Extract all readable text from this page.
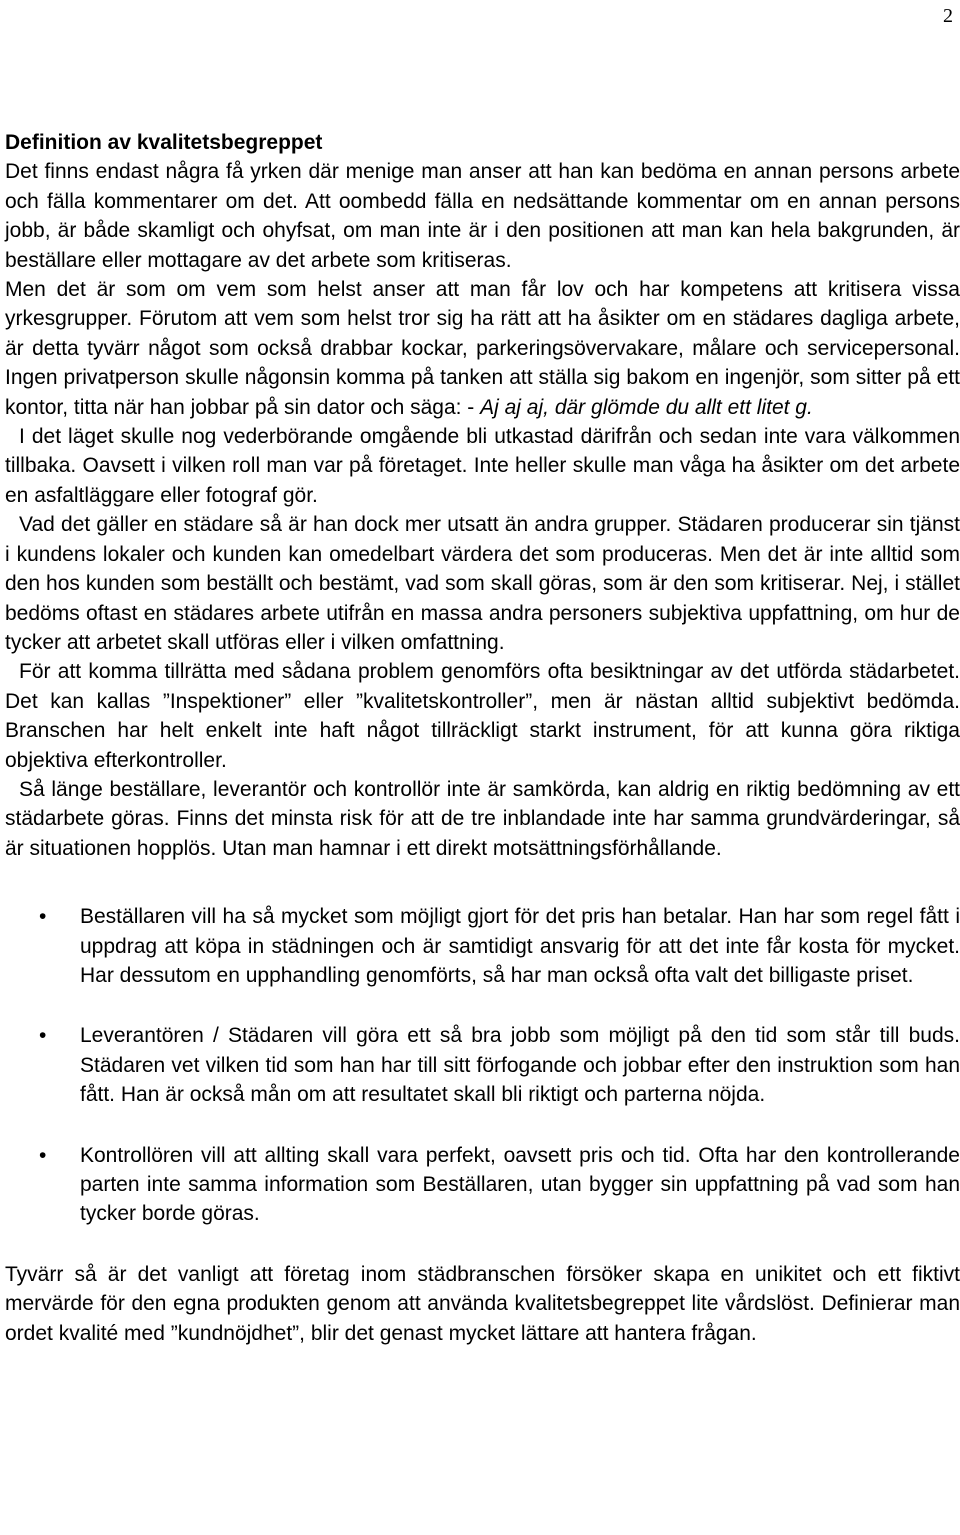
2

Definition av kvalitetsbegreppet

Det finns endast några få yrken där menige man anser att han kan bedöma en annan persons arbete och fälla kommentarer om det. Att oombedd fälla en nedsättande kommentar om en annan persons jobb, är både skamligt och ohyfsat, om man inte är i den positionen att man kan hela bakgrunden, är beställare eller mottagare av det arbete som kritiseras.

Men det är som om vem som helst anser att man får lov och har kompetens att kritisera vissa yrkesgrupper. Förutom att vem som helst tror sig ha rätt att ha åsikter om en städares dagliga arbete, är detta tyvärr något som också drabbar kockar, parkeringsövervakare, målare och servicepersonal. Ingen privatperson skulle någonsin komma på tanken att ställa sig bakom en ingenjör, som sitter på ett kontor, titta när han jobbar på sin dator och säga: - Aj aj aj, där glömde du allt ett litet g.

I det läget skulle nog vederbörande omgående bli utkastad därifrån och sedan inte vara välkommen tillbaka. Oavsett i vilken roll man var på företaget. Inte heller skulle man våga ha åsikter om det arbete en asfaltläggare eller fotograf gör.

Vad det gäller en städare så är han dock mer utsatt än andra grupper. Städaren producerar sin tjänst i kundens lokaler och kunden kan omedelbart värdera det som produceras. Men det är inte alltid som den hos kunden som beställt och bestämt, vad som skall göras, som är den som kritiserar. Nej, i stället bedöms oftast en städares arbete utifrån en massa andra personers subjektiva uppfattning, om hur de tycker att arbetet skall utföras eller i vilken omfattning.

För att komma tillrätta med sådana problem genomförs ofta besiktningar av det utförda städarbetet. Det kan kallas ”Inspektioner” eller ”kvalitetskontroller”, men är nästan alltid subjektivt bedömda. Branschen har helt enkelt inte haft något tillräckligt starkt instrument, för att kunna göra riktiga objektiva efterkontroller.

Så länge beställare, leverantör och kontrollör inte är samkörda, kan aldrig en riktig bedömning av ett städarbete göras. Finns det minsta risk för att de tre inblandade inte har samma grundvärderingar, så är situationen hopplös. Utan man hamnar i ett direkt motsättningsförhållande.

• Beställaren vill ha så mycket som möjligt gjort för det pris han betalar. Han har som regel fått i uppdrag att köpa in städningen och är samtidigt ansvarig för att det inte får kosta för mycket. Har dessutom en upphandling genomförts, så har man också ofta valt det billigaste priset.
• Leverantören / Städaren vill göra ett så bra jobb som möjligt på den tid som står till buds. Städaren vet vilken tid som han har till sitt förfogande och jobbar efter den instruktion som han fått. Han är också mån om att resultatet skall bli riktigt och parterna nöjda.
• Kontrollören vill att allting skall vara perfekt, oavsett pris och tid. Ofta har den kontrollerande parten inte samma information som Beställaren, utan bygger sin uppfattning på vad som han tycker borde göras.

Tyvärr så är det vanligt att företag inom städbranschen försöker skapa en unikitet och ett fiktivt mervärde för den egna produkten genom att använda kvalitetsbegreppet lite vårdslöst. Definierar man ordet kvalité med ”kundnöjdhet”, blir det genast mycket lättare att hantera frågan.
